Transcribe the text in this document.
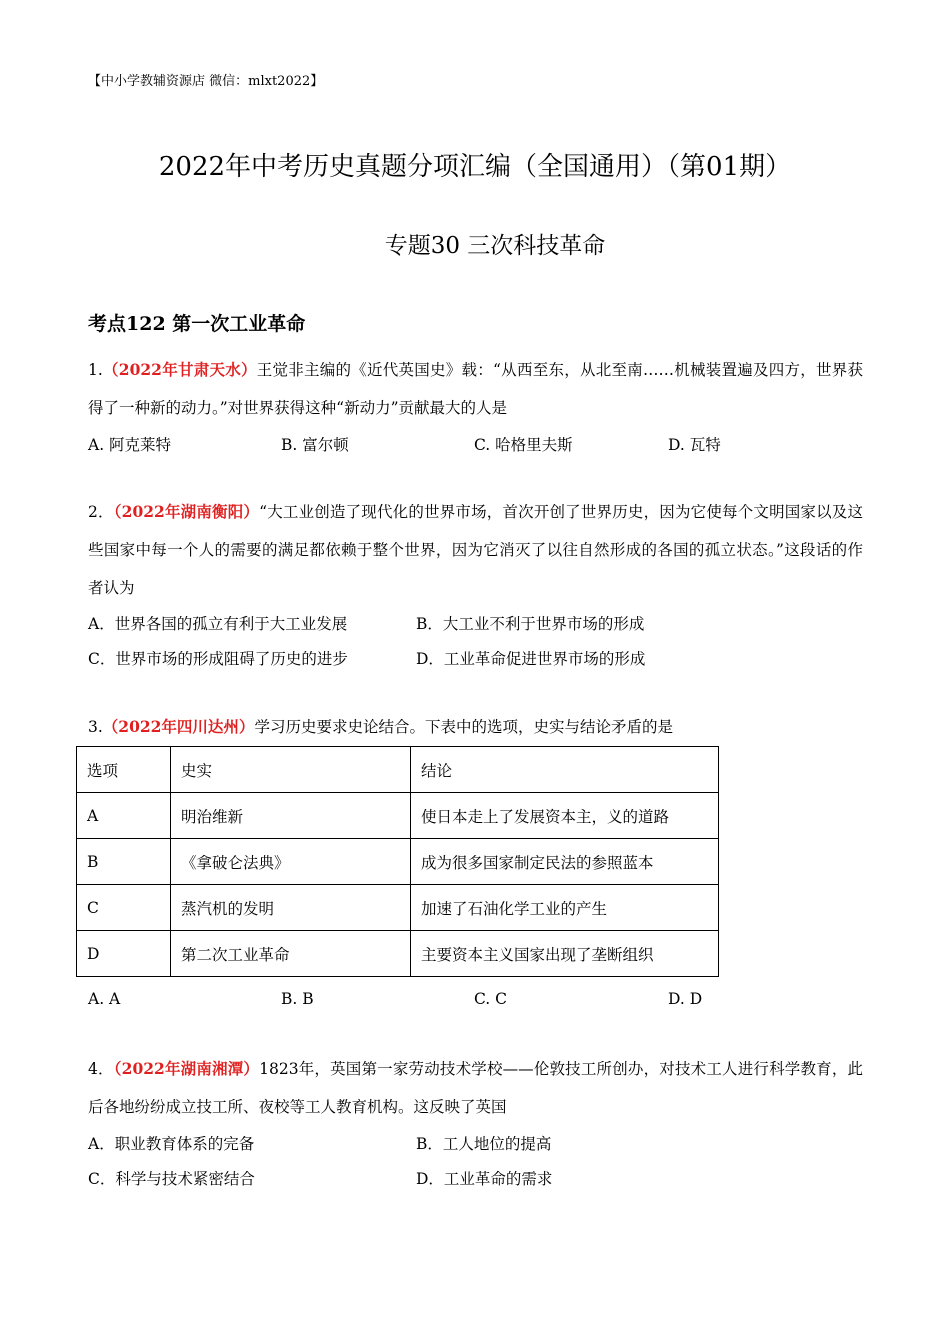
【中小学教辅资源店 微信：mlxt2022】
2022年中考历史真题分项汇编（全国通用）（第01期）
专题30 三次科技革命
考点122 第一次工业革命
1.（2022年甘肃天水）王觉非主编的《近代英国史》载：“从西至东，从北至南……机械装置遍及四方，世界获得了一种新的动力。”对世界获得这种“新动力”贡献最大的人是
A. 阿克莱特	B. 富尔顿	C. 哈格里夫斯	D. 瓦特
2．（2022年湖南衡阳）“大工业创造了现代化的世界市场，首次开创了世界历史，因为它使每个文明国家以及这些国家中每一个人的需要的满足都依赖于整个世界，因为它消灭了以往自然形成的各国的孤立状态。”这段话的作者认为
A．世界各国的孤立有利于大工业发展	B．大工业不利于世界市场的形成
C．世界市场的形成阻碍了历史的进步	D．工业革命促进世界市场的形成
3.（2022年四川达州）学习历史要求史论结合。下表中的选项，史实与结论矛盾的是
选项	史实	结论
A	明治维新	使日本走上了发展资本主，义的道路
B	《拿破仑法典》	成为很多国家制定民法的参照蓝本
C	蒸汽机的发明	加速了石油化学工业的产生
D	第二次工业革命	主要资本主义国家出现了垄断组织
A. A	B. B	C. C	D. D
4．（2022年湖南湘潭）1823年，英国第一家劳动技术学校——伦敦技工所创办，对技术工人进行科学教育，此后各地纷纷成立技工所、夜校等工人教育机构。这反映了英国
A．职业教育体系的完备	B．工人地位的提高
C．科学与技术紧密结合	D．工业革命的需求
